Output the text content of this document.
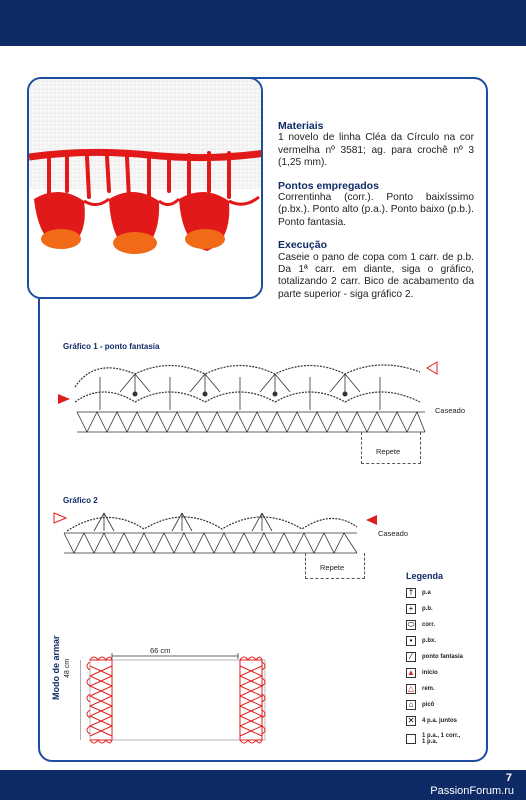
Materiais

1 novelo de linha Cléa da Círculo na cor vermelha nº 3581; ag. para crochê nº 3 (1,25 mm).

Pontos empregados

Correntinha (corr.). Ponto baixíssimo (p.bx.). Ponto alto (p.a.). Ponto baixo (p.b.). Ponto fantasia.

Execução

Caseie o pano de copa com 1 carr. de p.b. Da 1ª carr. em diante, siga o gráfico, totalizando 2 carr. Bico de acabamento da parte superior - siga gráfico 2.

Gráfico 1 - ponto fantasia
Caseado
Repete
Gráfico 2
Caseado
Repete
Legenda
†	p.a
+	p.b.
⬭ corr.
•	p.bx.
⁄	ponto fantasia
▲ início
△	rem.
⌂	picô
✕ 4 p.a. juntos
1 p.a., 1 corr., 1 p.a.
Modo de armar 48 cm
66 cm
7
PassionForum.ru
